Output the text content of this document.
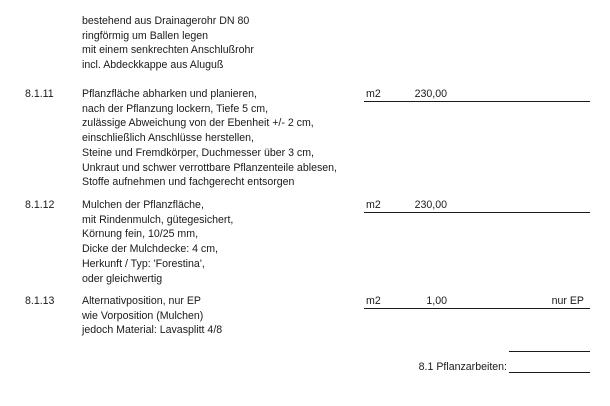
bestehend aus Drainagerohr DN 80
ringförmig um Ballen legen
mit einem senkrechten Anschlußrohr
incl. Abdeckkappe aus Aluguß
8.1.11	Pflanzfläche abharken und planieren,
nach der Pflanzung lockern, Tiefe 5 cm,
zulässige Abweichung von der Ebenheit +/- 2 cm,
einschließlich Anschlüsse herstellen,
Steine und Fremdkörper, Duchmesser über 3 cm,
Unkraut und schwer verrottbare Pflanzenteile ablesen,
Stoffe aufnehmen und fachgerecht entsorgen
m2	230,00
8.1.12	Mulchen der Pflanzfläche,
mit Rindenmulch, gütegesichert,
Körnung fein, 10/25 mm,
Dicke der Mulchdecke: 4 cm,
Herkunft / Typ: 'Forestina',
oder gleichwertig
m2	230,00
8.1.13	Alternativposition, nur EP
wie Vorposition (Mulchen)
jedoch Material: Lavasplitt 4/8
m2	1,00	nur EP
8.1 Pflanzarbeiten:
